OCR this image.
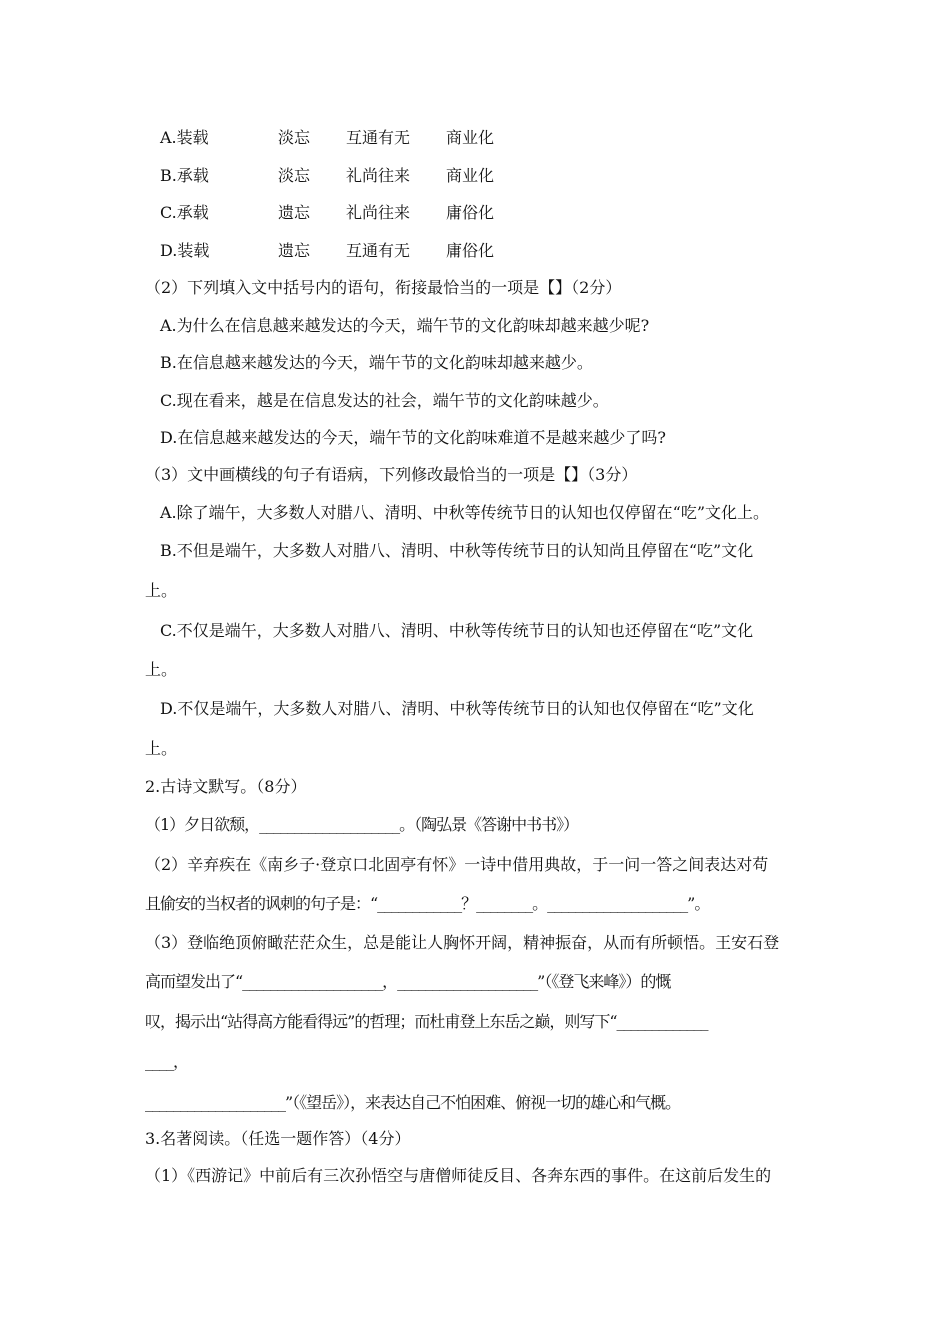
A.装载	淡忘 互通有无 商业化
B.承载	淡忘 礼尚往来 商业化
C.承载	遗忘 礼尚往来 庸俗化
D.装载	遗忘 互通有无 庸俗化
（2）下列填入文中括号内的语句，衔接最恰当的一项是【】（2分）
A.为什么在信息越来越发达的今天，端午节的文化韵味却越来越少呢?
B.在信息越来越发达的今天，端午节的文化韵味却越来越少。
C.现在看来，越是在信息发达的社会，端午节的文化韵味越少。
D.在信息越来越发达的今天，端午节的文化韵味难道不是越来越少了吗?
（3）文中画横线的句子有语病，下列修改最恰当的一项是【】（3分）
A.除了端午，大多数人对腊八、清明、中秋等传统节日的认知也仅停留在“吃”文化上。
B.不但是端午，大多数人对腊八、清明、中秋等传统节日的认知尚且停留在“吃”文化
上。
C.不仅是端午，大多数人对腊八、清明、中秋等传统节日的认知也还停留在“吃”文化
上。
D.不仅是端午，大多数人对腊八、清明、中秋等传统节日的认知也仅停留在“吃”文化
上。
2.古诗文默写。（8分）
（1）夕日欲颓，____________________。（陶弘景《答谢中书书》）
（2）辛弃疾在《南乡子·登京口北固亭有怀》一诗中借用典故，于一问一答之间表达对苟
且偷安的当权者的讽刺的句子是：“____________？________。____________________”。
（3）登临绝顶俯瞰茫茫众生，总是能让人胸怀开阔，精神振奋，从而有所顿悟。王安石登
高而望发出了“____________________，____________________”（《登飞来峰》）的慨
叹，揭示出“站得高方能看得远”的哲理；而杜甫登上东岳之巅，则写下“_____________
____，
____________________”（《望岳》），来表达自己不怕困难、俯视一切的雄心和气概。
3.名著阅读。（任选一题作答）（4分）
（1）《西游记》中前后有三次孙悟空与唐僧师徒反目、各奔东西的事件。在这前后发生的
